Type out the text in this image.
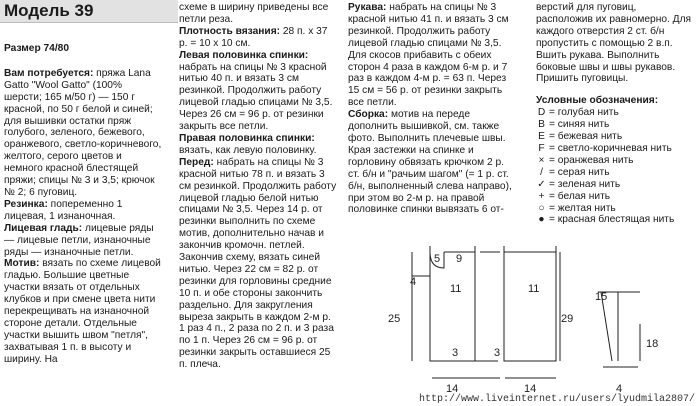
Модель 39

Размер 74/80

Вам потребуется: пряжа Lana Gatto "Wool Gatto" (100% шерсти; 165 м/50 г) — 150 г красной, по 50 г белой и синей; для вышивки остатки пряж голубого, зеленого, бежевого, оранжевого, светло-коричневого, желтого, серого цветов и немного красной блестящей пряжи; спицы № 3 и 3,5; крючок № 2; 6 пуговиц.

Резинка: попеременно 1 лицевая, 1 изнаночная.

Лицевая гладь: лицевые ряды — лицевые петли, изнаночные ряды — изнаночные петли.

Мотив: вязать по схеме лицевой гладью. Большие цветные участки вязать от отдельных клубков и при смене цвета нити перекрещивать на изнаночной стороне детали. Отдельные участки вышить швом "петля", захватывая 1 п. в высоту и ширину. На

схеме в ширину приведены все петли реза.

Плотность вязания: 28 п. х 37 р. = 10 х 10 см.

Левая половинка спинки: набрать на спицы № 3 красной нитью 40 п. и вязать 3 см резинкой. Продолжить работу лицевой гладью спицами № 3,5. Через 26 см = 96 р. от резинки закрыть все петли.

Правая половинка спинки: вязать, как левую половинку.

Перед: набрать на спицы № 3 красной нитью 78 п. и вязать 3 см резинкой. Продолжить работу лицевой гладью белой нитью спицами № 3,5. Через 14 р. от резинки выполнить по схеме мотив, дополнительно начав и закончив кромочн. петлей. Закончив схему, вязать синей нитью. Через 22 см = 82 р. от резинки для горловины средние 10 п. и обе стороны закончить раздельно. Для закругления выреза закрыть в каждом 2-м р. 1 раз 4 п., 2 раза по 2 п. и 3 раза по 1 п. Через 26 см = 96 р. от резинки закрыть оставшиеся 25 п. плеча.

Рукава: набрать на спицы № 3 красной нитью 41 п. и вязать 3 см резинкой. Продолжить работу лицевой гладью спицами № 3,5. Для скосов прибавить с обеих сторон 4 раза в каждом 6-м р. и 7 раз в каждом 4-м р. = 63 п. Через 15 см = 56 р. от резинки закрыть все петли.

Сборка: мотив на переде дополнить вышивкой, см. также фото. Выполнить плечевые швы. Края застежки на спинке и горловину обвязать крючком 2 р. ст. б/н и "рачьим шагом" (= 1 р. ст. б/н, выполненный слева направо), при этом во 2-м р. на правой половинке спинки вывязать 6 от-

верстий для пуговиц, расположив их равномерно. Для каждого отверстия 2 ст. б/н пропустить с помощью 2 в.п. Вшить рукава. Выполнить боковые швы и швы рукавов. Пришить пуговицы.

Условные обозначения:

D = голубая нить
B = синяя нить
E = бежевая нить
F = светло-коричневая нить
× = оранжевая нить
/ = серая нить
✓ = зеленая нить
+ = белая нить
○ = желтая нить
● = красная блестящая нить
4
5 9
25
11
3
14
11
29
3
14
15
18
4
http://www.liveinternet.ru/users/lyudmila2807/
